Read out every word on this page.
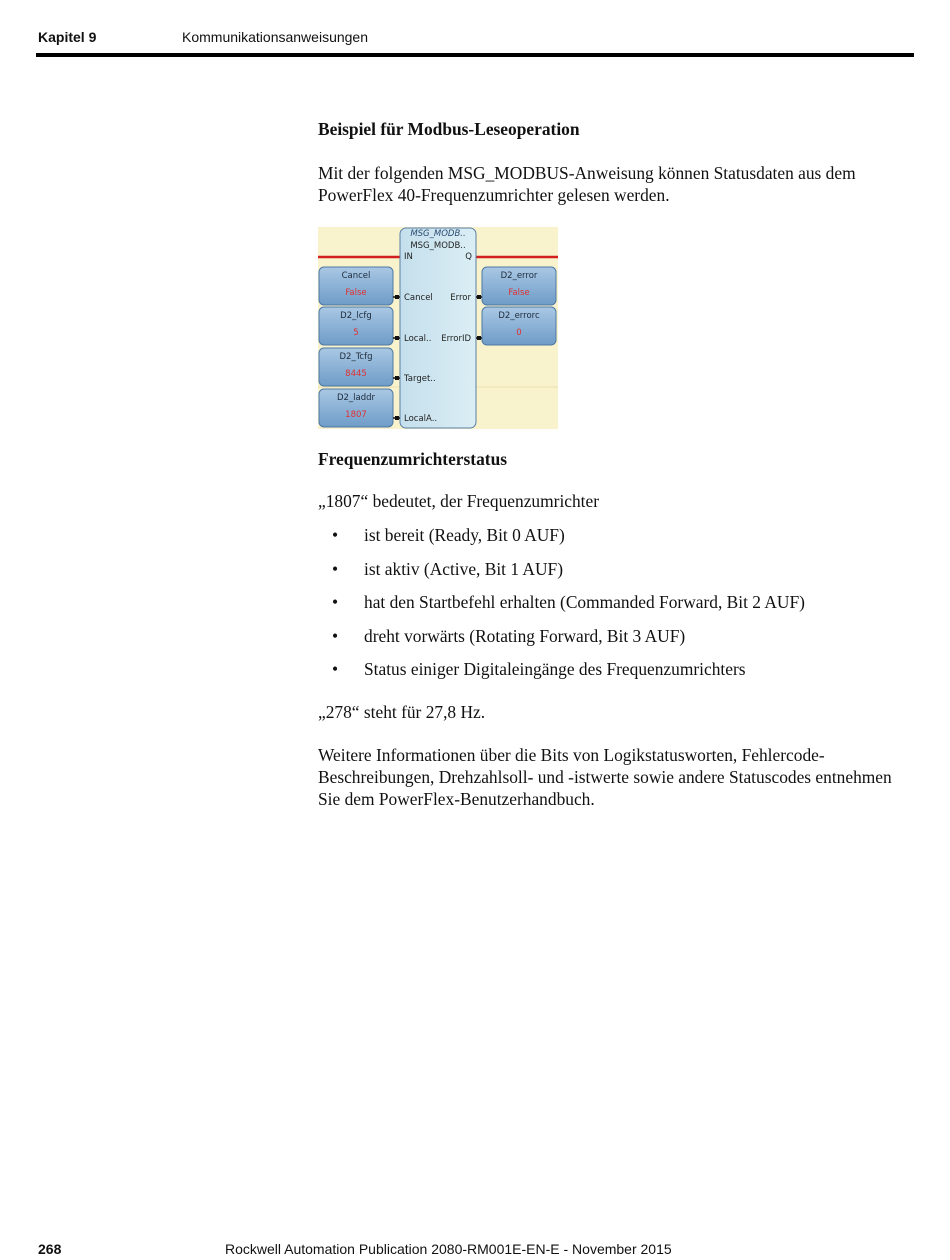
Kapitel 9	Kommunikationsanweisungen

Beispiel für Modbus-Leseoperation

Mit der folgenden MSG_MODBUS-Anweisung können Statusdaten aus dem PowerFlex 40-Frequenzumrichter gelesen werden.

MSG_MODB..
MSG_MODB..
IN	Q
Cancel
False	Cancel
D2_lcfg
5
Local..
D2_Tcfg
8445	Target..
D2_laddr
1807	LocalA..
D2_error
False
Error
D2_errorc
0
ErrorID

Frequenzumrichterstatus

„1807“ bedeutet, der Frequenzumrichter

• ist bereit (Ready, Bit 0 AUF)
• ist aktiv (Active, Bit 1 AUF)
• hat den Startbefehl erhalten (Commanded Forward, Bit 2 AUF)
• dreht vorwärts (Rotating Forward, Bit 3 AUF)
• Status einiger Digitaleingänge des Frequenzumrichters

„278“ steht für 27,8 Hz.

Weitere Informationen über die Bits von Logikstatusworten, Fehlercode-Beschreibungen, Drehzahlsoll- und -istwerte sowie andere Statuscodes entnehmen Sie dem PowerFlex-Benutzerhandbuch.

268	Rockwell Automation Publication 2080-RM001E-EN-E - November 2015
